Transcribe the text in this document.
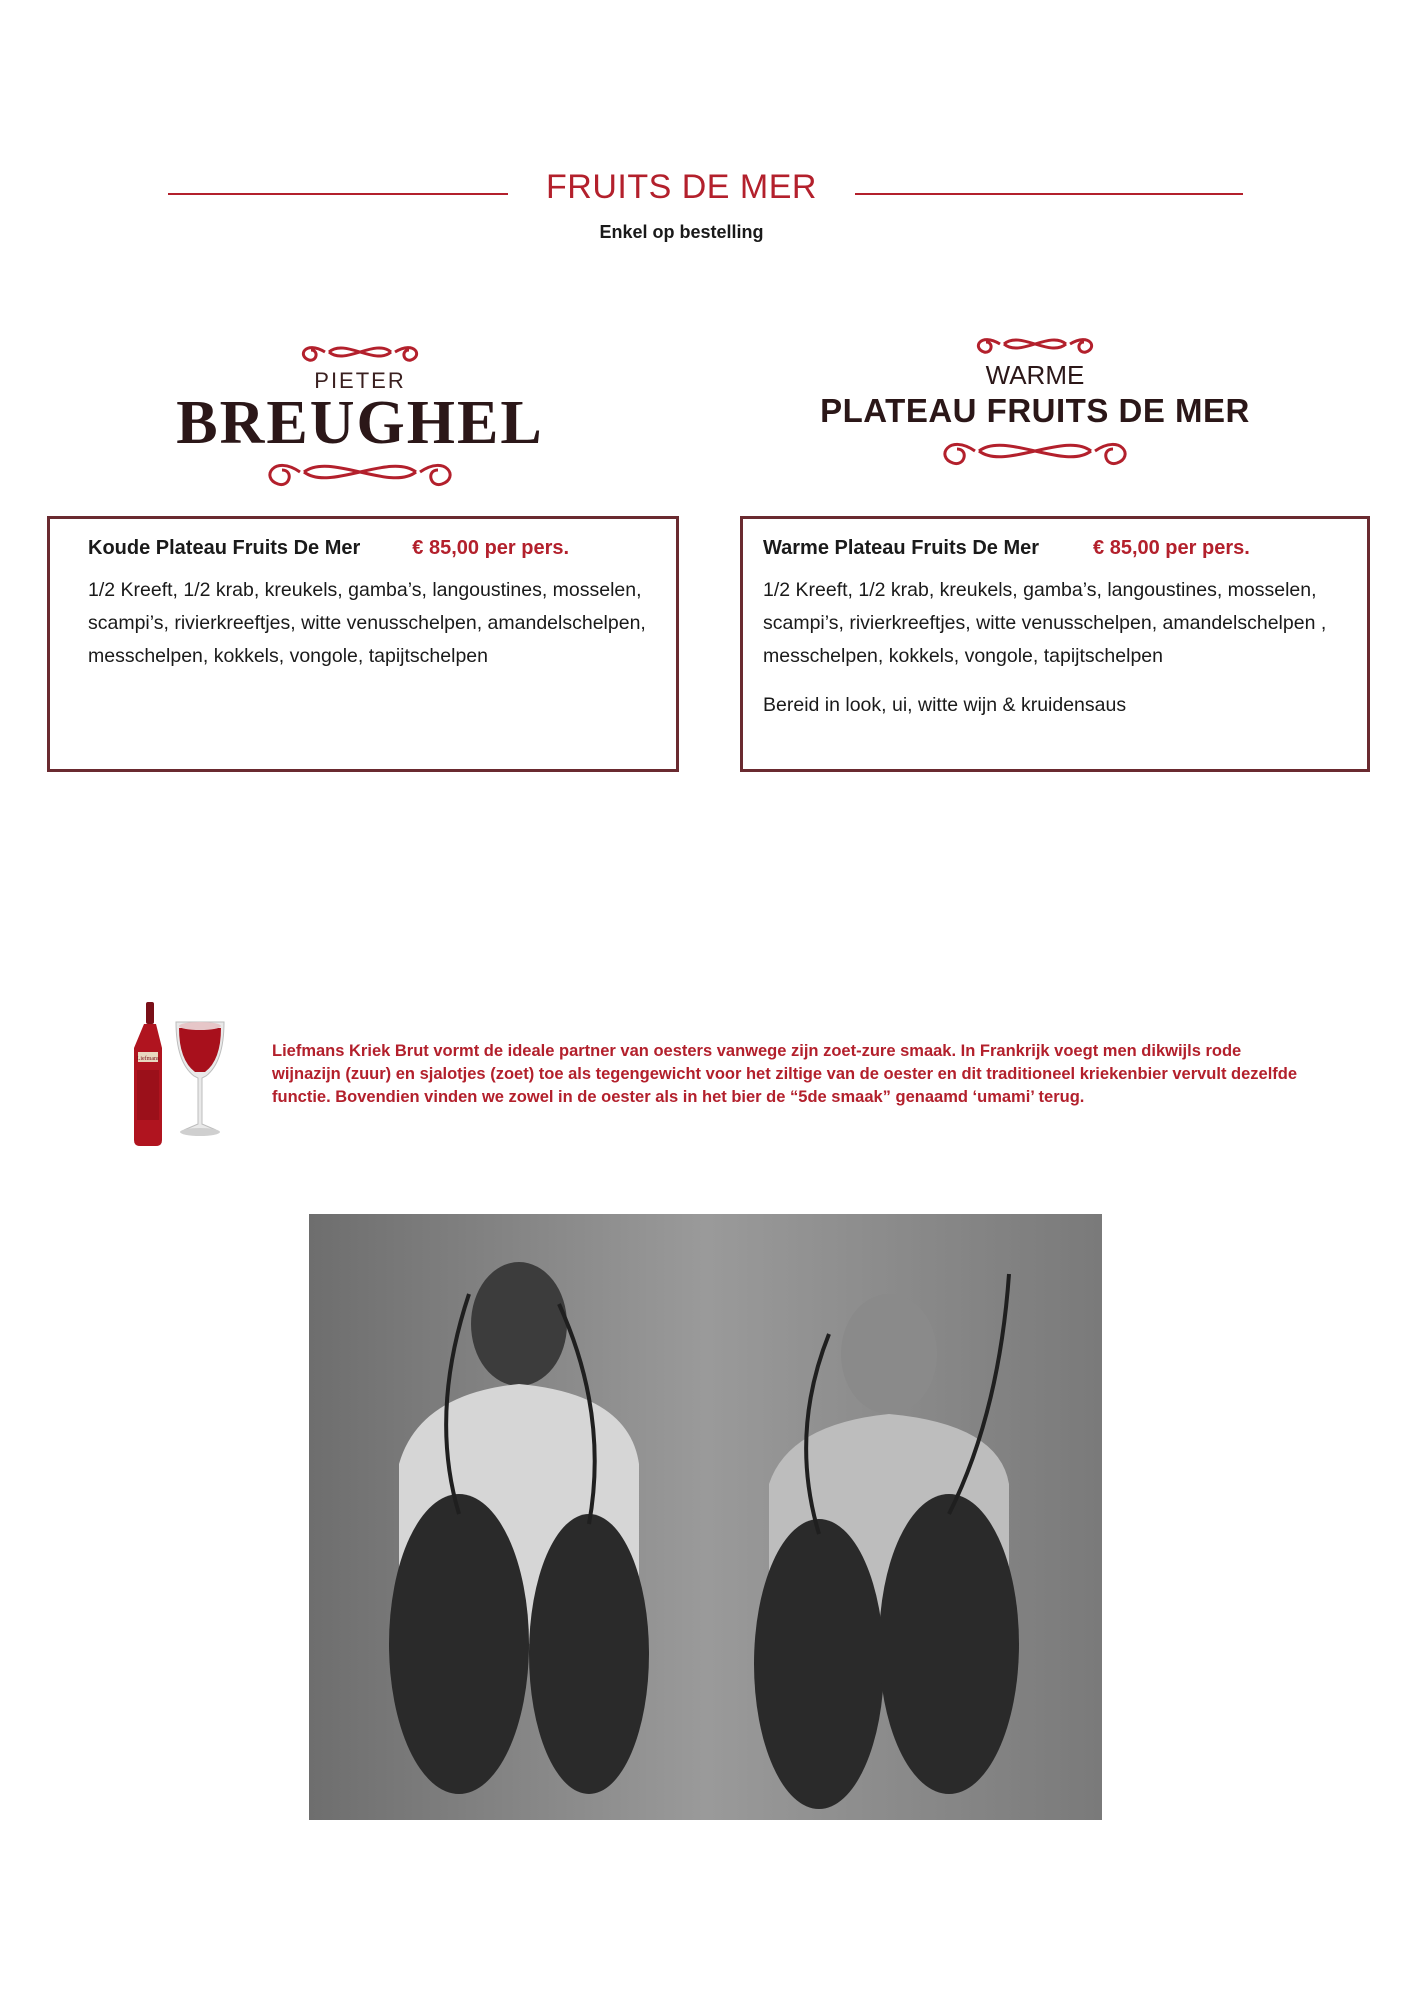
FRUITS DE MER
Enkel op bestelling
PIETER
BREUGHEL
WARME
PLATEAU FRUITS DE MER
Koude Plateau Fruits De Mer	€ 85,00 per pers.
1/2 Kreeft, 1/2 krab, kreukels, gamba’s, langoustines, mosselen, scampi’s, rivierkreeftjes, witte venusschelpen, amandelschelpen, messchelpen, kokkels, vongole, tapijtschelpen
Warme Plateau Fruits De Mer	€ 85,00 per pers.
1/2 Kreeft, 1/2 krab, kreukels, gamba’s, langoustines, mosselen, scampi’s, rivierkreeftjes, witte venusschelpen, amandelschelpen , messchelpen, kokkels, vongole, tapijtschelpen
Bereid in look, ui, witte wijn & kruidensaus
Liefmans	Liefmans Kriek Brut vormt de ideale partner van oesters vanwege zijn zoet-zure smaak. In Frankrijk voegt men dikwijls rode wijnazijn (zuur) en sjalotjes (zoet) toe als tegengewicht voor het ziltige van de oester en dit traditioneel kriekenbier vervult dezelfde functie. Bovendien vinden we zowel in de oester als in het bier de “5de smaak” genaamd ‘umami’ terug.
